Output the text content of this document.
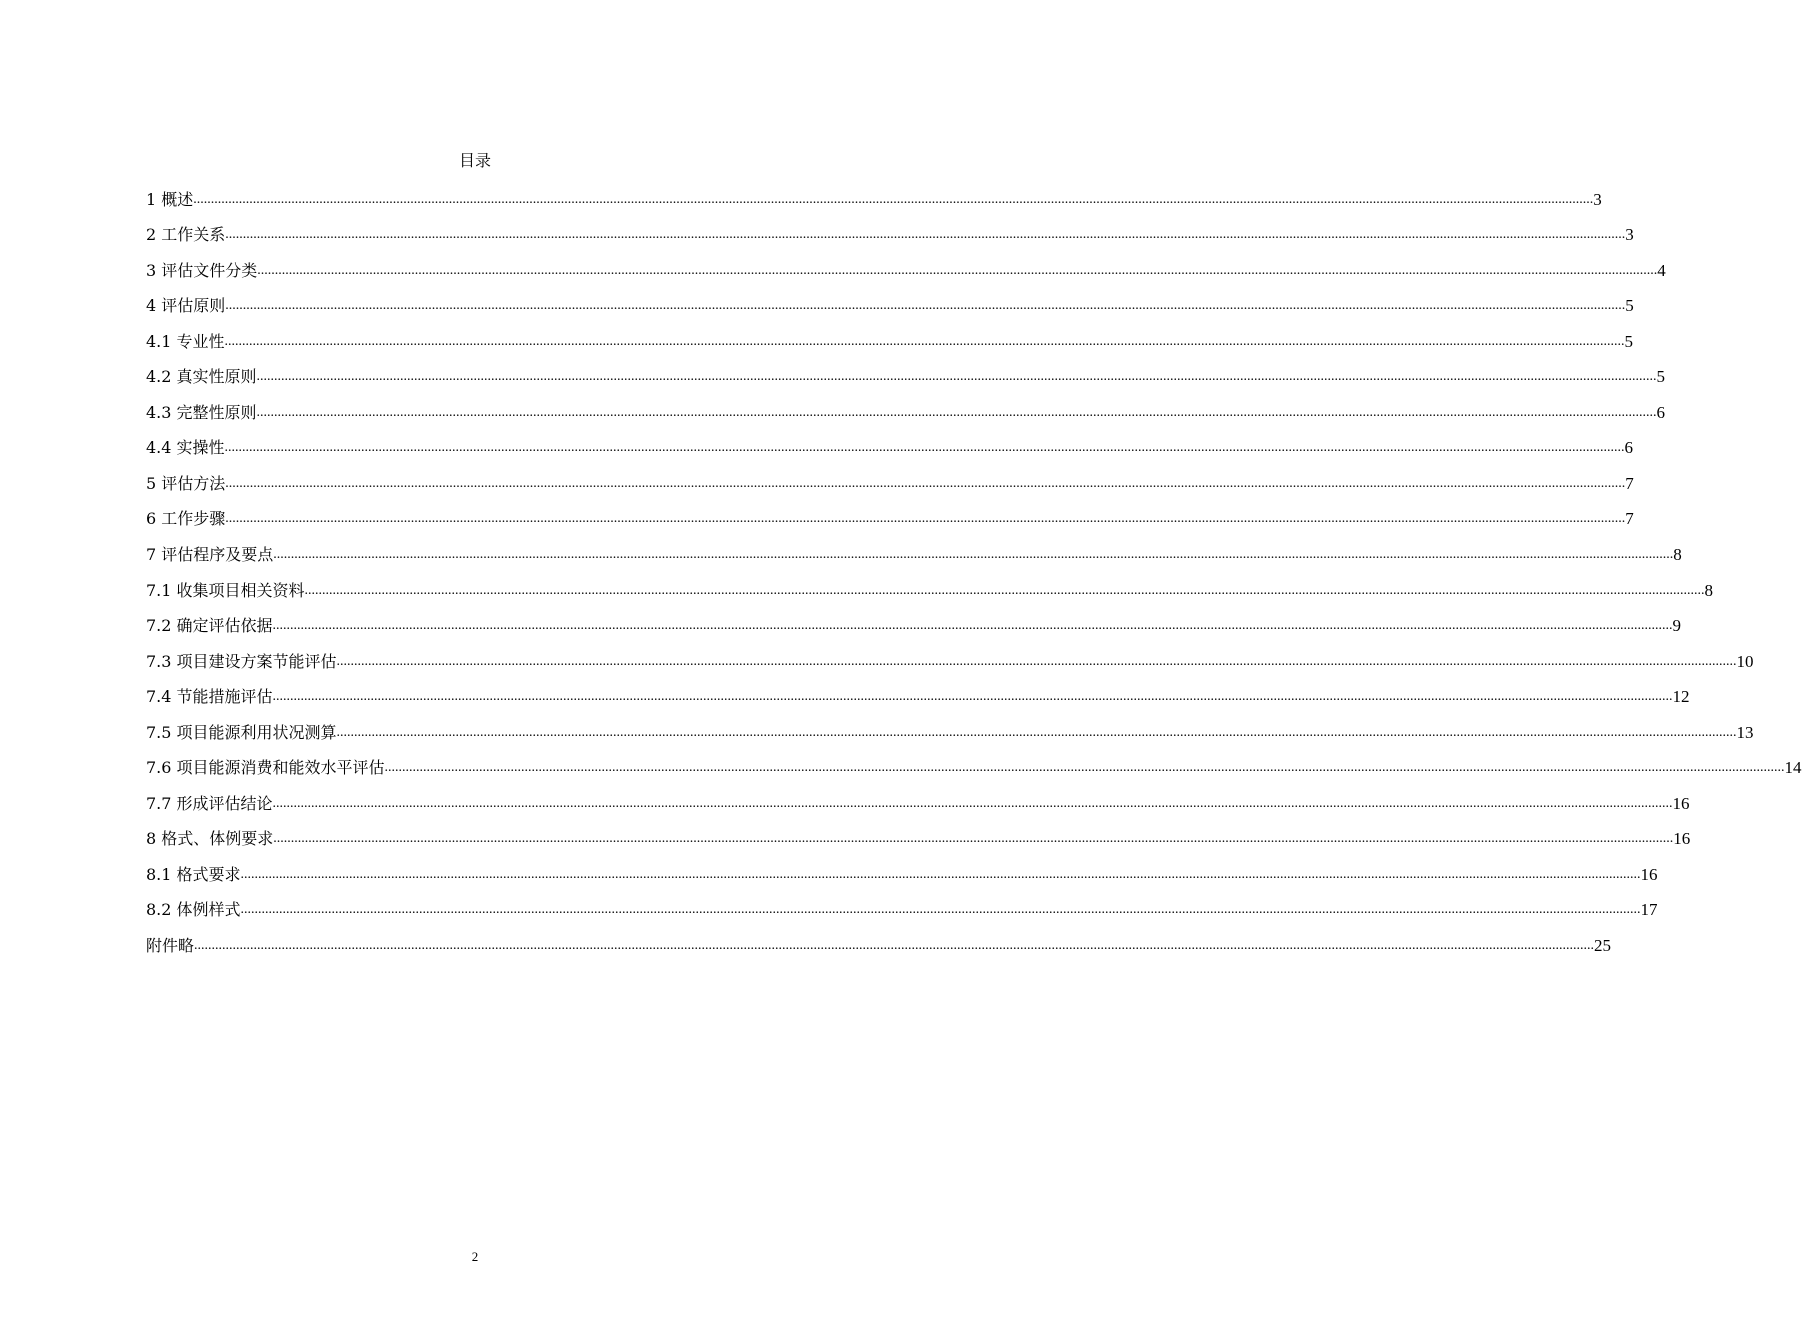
目录
1 概述 ................................................................................................................................................................................................................................................................................................................................................................................................................ 3
2 工作关系 ................................................................................................................................................................................................................................................................................................................................................................................................................ 3
3 评估文件分类 ................................................................................................................................................................................................................................................................................................................................................................................................................ 4
4 评估原则 ................................................................................................................................................................................................................................................................................................................................................................................................................ 5
4.1 专业性 ................................................................................................................................................................................................................................................................................................................................................................................................................ 5
4.2 真实性原则 ................................................................................................................................................................................................................................................................................................................................................................................................................ 5
4.3 完整性原则 ................................................................................................................................................................................................................................................................................................................................................................................................................ 6
4.4 实操性 ................................................................................................................................................................................................................................................................................................................................................................................................................ 6
5 评估方法 ................................................................................................................................................................................................................................................................................................................................................................................................................ 7
6 工作步骤 ................................................................................................................................................................................................................................................................................................................................................................................................................ 7
7 评估程序及要点 ................................................................................................................................................................................................................................................................................................................................................................................................................ 8
7.1 收集项目相关资料 ................................................................................................................................................................................................................................................................................................................................................................................................................ 8
7.2 确定评估依据 ................................................................................................................................................................................................................................................................................................................................................................................................................ 9
7.3 项目建设方案节能评估 ................................................................................................................................................................................................................................................................................................................................................................................................................ 10
7.4 节能措施评估 ................................................................................................................................................................................................................................................................................................................................................................................................................ 12
7.5 项目能源利用状况测算 ................................................................................................................................................................................................................................................................................................................................................................................................................ 13
7.6 项目能源消费和能效水平评估 ................................................................................................................................................................................................................................................................................................................................................................................................................ 14
7.7 形成评估结论 ................................................................................................................................................................................................................................................................................................................................................................................................................ 16
8 格式、体例要求 ................................................................................................................................................................................................................................................................................................................................................................................................................ 16
8.1 格式要求 ................................................................................................................................................................................................................................................................................................................................................................................................................ 16
8.2 体例样式 ................................................................................................................................................................................................................................................................................................................................................................................................................ 17
附件略 ................................................................................................................................................................................................................................................................................................................................................................................................................ 25
2
